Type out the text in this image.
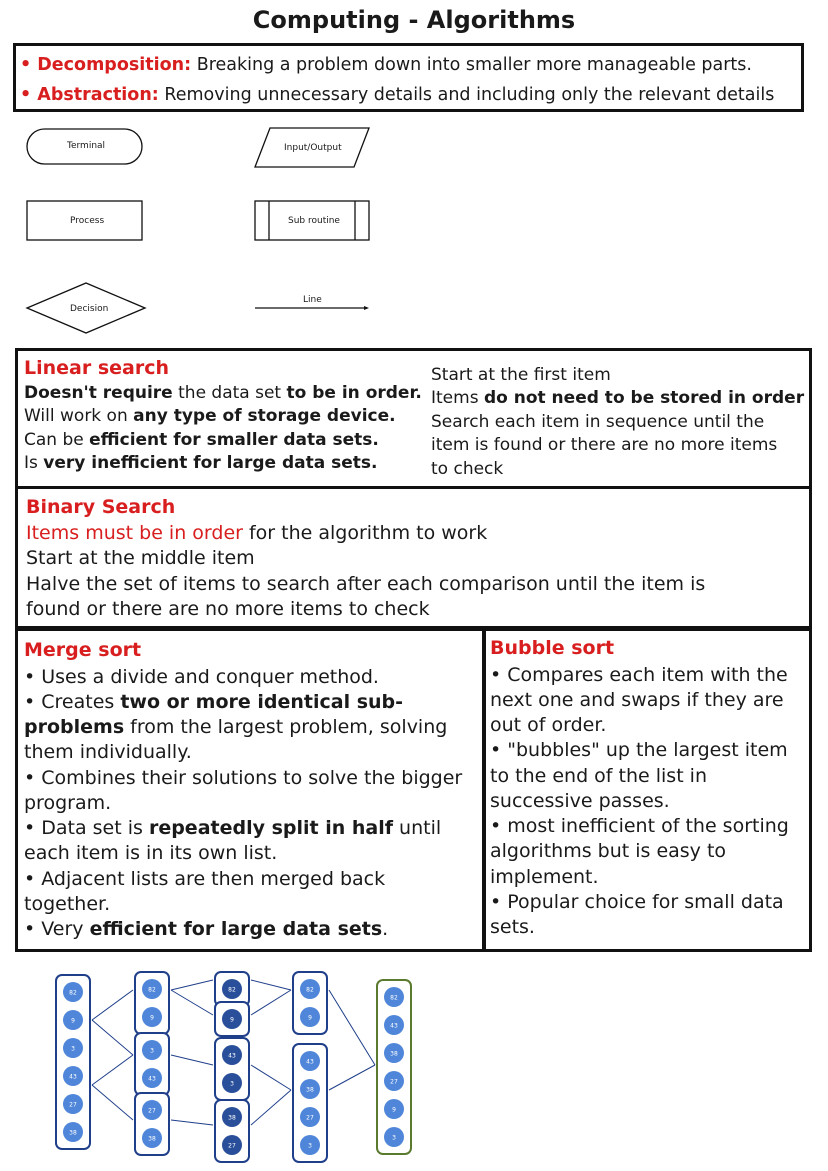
Computing - Algorithms
• Decomposition: Breaking a problem down into smaller more manageable parts.
• Abstraction: Removing unnecessary details and including only the relevant details
Terminal	Input/Output
Process	Sub routine
Decision
Line
Linear search
Doesn't require the data set to be in order.
Will work on any type of storage device.
Can be efficient for smaller data sets.
Is very inefficient for large data sets.
Start at the first item
Items do not need to be stored in order
Search each item in sequence until the
item is found or there are no more items
to check
Binary Search
Items must be in order for the algorithm to work
Start at the middle item
Halve the set of items to search after each comparison until the item is
found or there are no more items to check
Merge sort
• Uses a divide and conquer method.
• Creates two or more identical sub-
problems from the largest problem, solving
them individually.
• Combines their solutions to solve the bigger
program.
• Data set is repeatedly split in half until
each item is in its own list.
• Adjacent lists are then merged back
together.
• Very efficient for large data sets.
Bubble sort
• Compares each item with the
next one and swaps if they are
out of order.
• "bubbles" up the largest item
to the end of the list in
successive passes.
• most inefficient of the sorting
algorithms but is easy to
implement.
• Popular choice for small data
sets.
82
9
3
43
27
38
82
9
3
43
27
38
82
9
43
3
38
27
82
9
43
38
27
3
82
43
38
27
9
3
